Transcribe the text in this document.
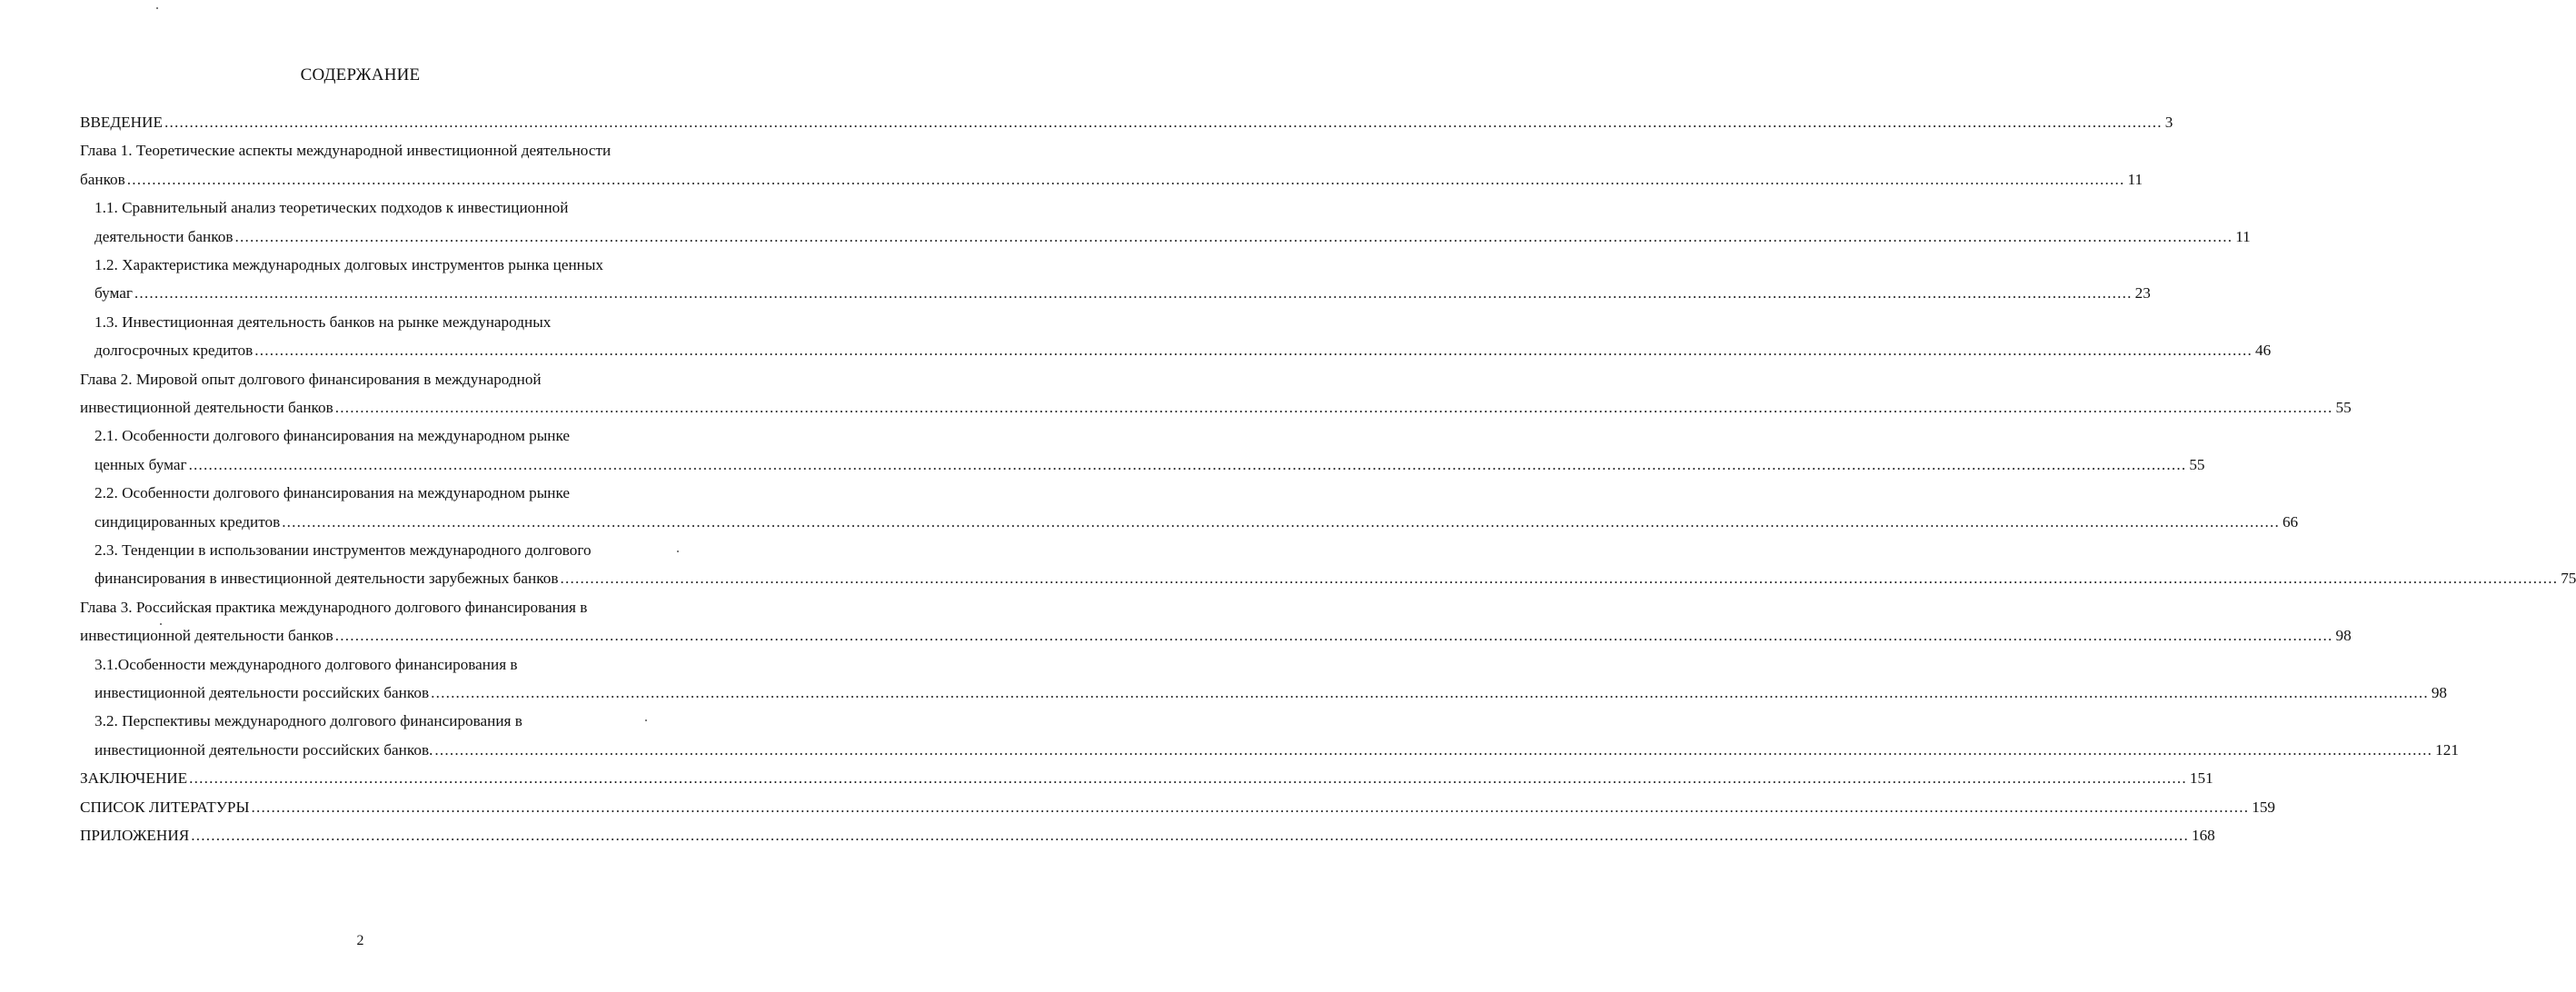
СОДЕРЖАНИЕ
ВВЕДЕНИЕ ................................................................................................................................................................................................................................................................................................................................................................................................................ 3
Глава 1. Теоретические аспекты международной инвестиционной деятельности
банков ................................................................................................................................................................................................................................................................................................................................................................................................................ 11
1.1. Сравнительный анализ теоретических подходов к инвестиционной
деятельности банков ................................................................................................................................................................................................................................................................................................................................................................................................................ 11
1.2. Характеристика международных долговых инструментов рынка ценных
бумаг ................................................................................................................................................................................................................................................................................................................................................................................................................ 23
1.3. Инвестиционная деятельность банков на рынке международных
долгосрочных кредитов ................................................................................................................................................................................................................................................................................................................................................................................................................ 46
Глава 2. Мировой опыт долгового финансирования в международной
инвестиционной деятельности банков ................................................................................................................................................................................................................................................................................................................................................................................................................ 55
2.1. Особенности долгового финансирования на международном рынке
ценных бумаг ................................................................................................................................................................................................................................................................................................................................................................................................................ 55
2.2. Особенности долгового финансирования на международном рынке
синдицированных кредитов ................................................................................................................................................................................................................................................................................................................................................................................................................ 66
2.3. Тенденции в использовании инструментов международного долгового
финансирования в инвестиционной деятельности зарубежных банков ................................................................................................................................................................................................................................................................................................................................................................................................................ 75
Глава 3. Российская практика международного долгового финансирования в
инвестиционной деятельности банков ................................................................................................................................................................................................................................................................................................................................................................................................................ 98
3.1.Особенности международного долгового финансирования в
инвестиционной деятельности российских банков ................................................................................................................................................................................................................................................................................................................................................................................................................ 98
3.2. Перспективы международного долгового финансирования в
инвестиционной деятельности российских банков. ................................................................................................................................................................................................................................................................................................................................................................................................................ 121
ЗАКЛЮЧЕНИЕ ................................................................................................................................................................................................................................................................................................................................................................................................................ 151
СПИСОК ЛИТЕРАТУРЫ ................................................................................................................................................................................................................................................................................................................................................................................................................ 159
ПРИЛОЖЕНИЯ ................................................................................................................................................................................................................................................................................................................................................................................................................ 168
2
